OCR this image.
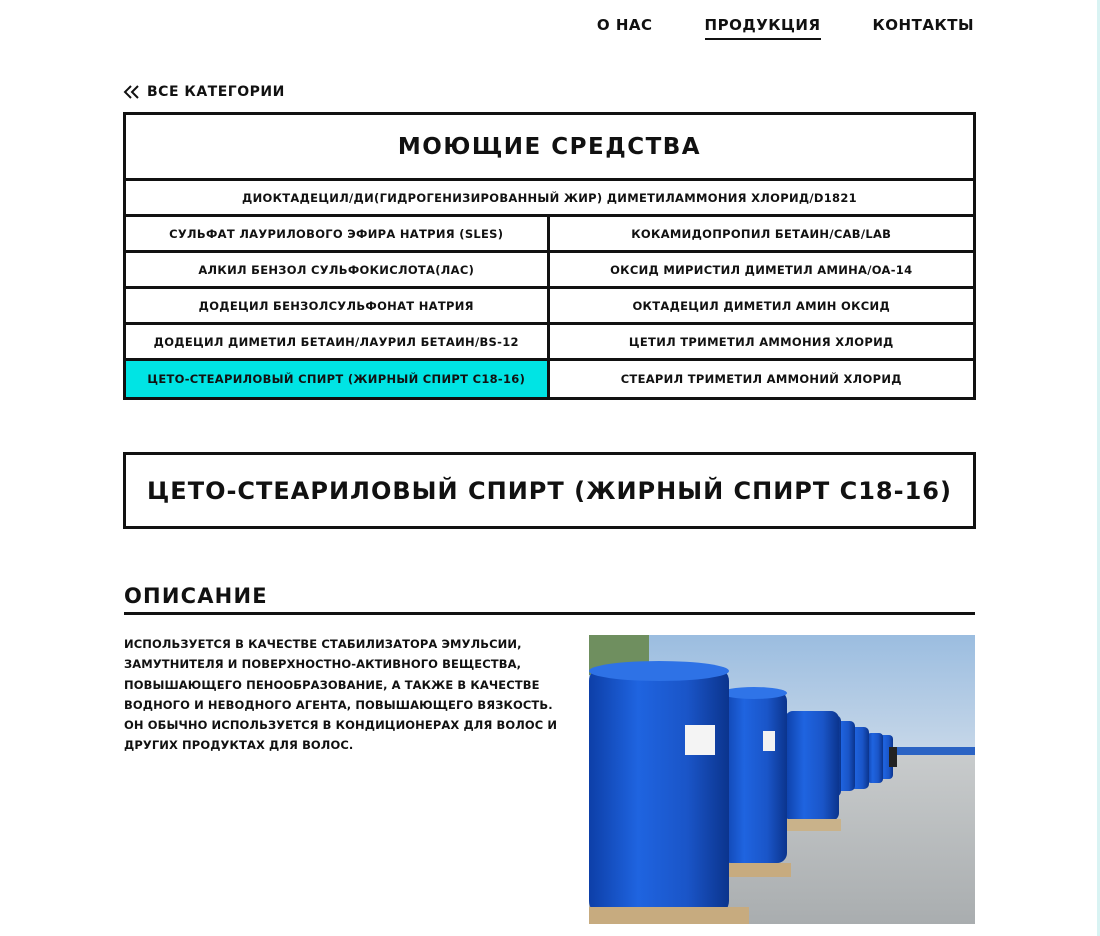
О НАС	ПРОДУКЦИЯ	КОНТАКТЫ
ВСЕ КАТЕГОРИИ
МОЮЩИЕ СРЕДСТВА
ДИОКТАДЕЦИЛ/ДИ(ГИДРОГЕНИЗИРОВАННЫЙ ЖИР) ДИМЕТИЛАММОНИЯ ХЛОРИД/D1821
СУЛЬФАТ ЛАУРИЛОВОГО ЭФИРА НАТРИЯ (SLES)	КОКАМИДОПРОПИЛ БЕТАИН/CAB/LAB
АЛКИЛ БЕНЗОЛ СУЛЬФОКИСЛОТА(ЛАС)	ОКСИД МИРИСТИЛ ДИМЕТИЛ АМИНА/OA-14
ДОДЕЦИЛ БЕНЗОЛСУЛЬФОНАТ НАТРИЯ	ОКТАДЕЦИЛ ДИМЕТИЛ АМИН ОКСИД
ДОДЕЦИЛ ДИМЕТИЛ БЕТАИН/ЛАУРИЛ БЕТАИН/BS-12	ЦЕТИЛ ТРИМЕТИЛ АММОНИЯ ХЛОРИД
ЦЕТО-СТЕАРИЛОВЫЙ СПИРТ (ЖИРНЫЙ СПИРТ С18-16)	СТЕАРИЛ ТРИМЕТИЛ АММОНИЙ ХЛОРИД
ЦЕТО-СТЕАРИЛОВЫЙ СПИРТ (ЖИРНЫЙ СПИРТ С18-16)
ОПИСАНИЕ
ИСПОЛЬЗУЕТСЯ В КАЧЕСТВЕ СТАБИЛИЗАТОРА ЭМУЛЬСИИ, ЗАМУТНИТЕЛЯ И ПОВЕРХНОСТНО-АКТИВНОГО ВЕЩЕСТВА, ПОВЫШАЮЩЕГО ПЕНООБРАЗОВАНИЕ, А ТАКЖЕ В КАЧЕСТВЕ ВОДНОГО И НЕВОДНОГО АГЕНТА, ПОВЫШАЮЩЕГО ВЯЗКОСТЬ. ОН ОБЫЧНО ИСПОЛЬЗУЕТСЯ В КОНДИЦИОНЕРАХ ДЛЯ ВОЛОС И ДРУГИХ ПРОДУКТАХ ДЛЯ ВОЛОС.
